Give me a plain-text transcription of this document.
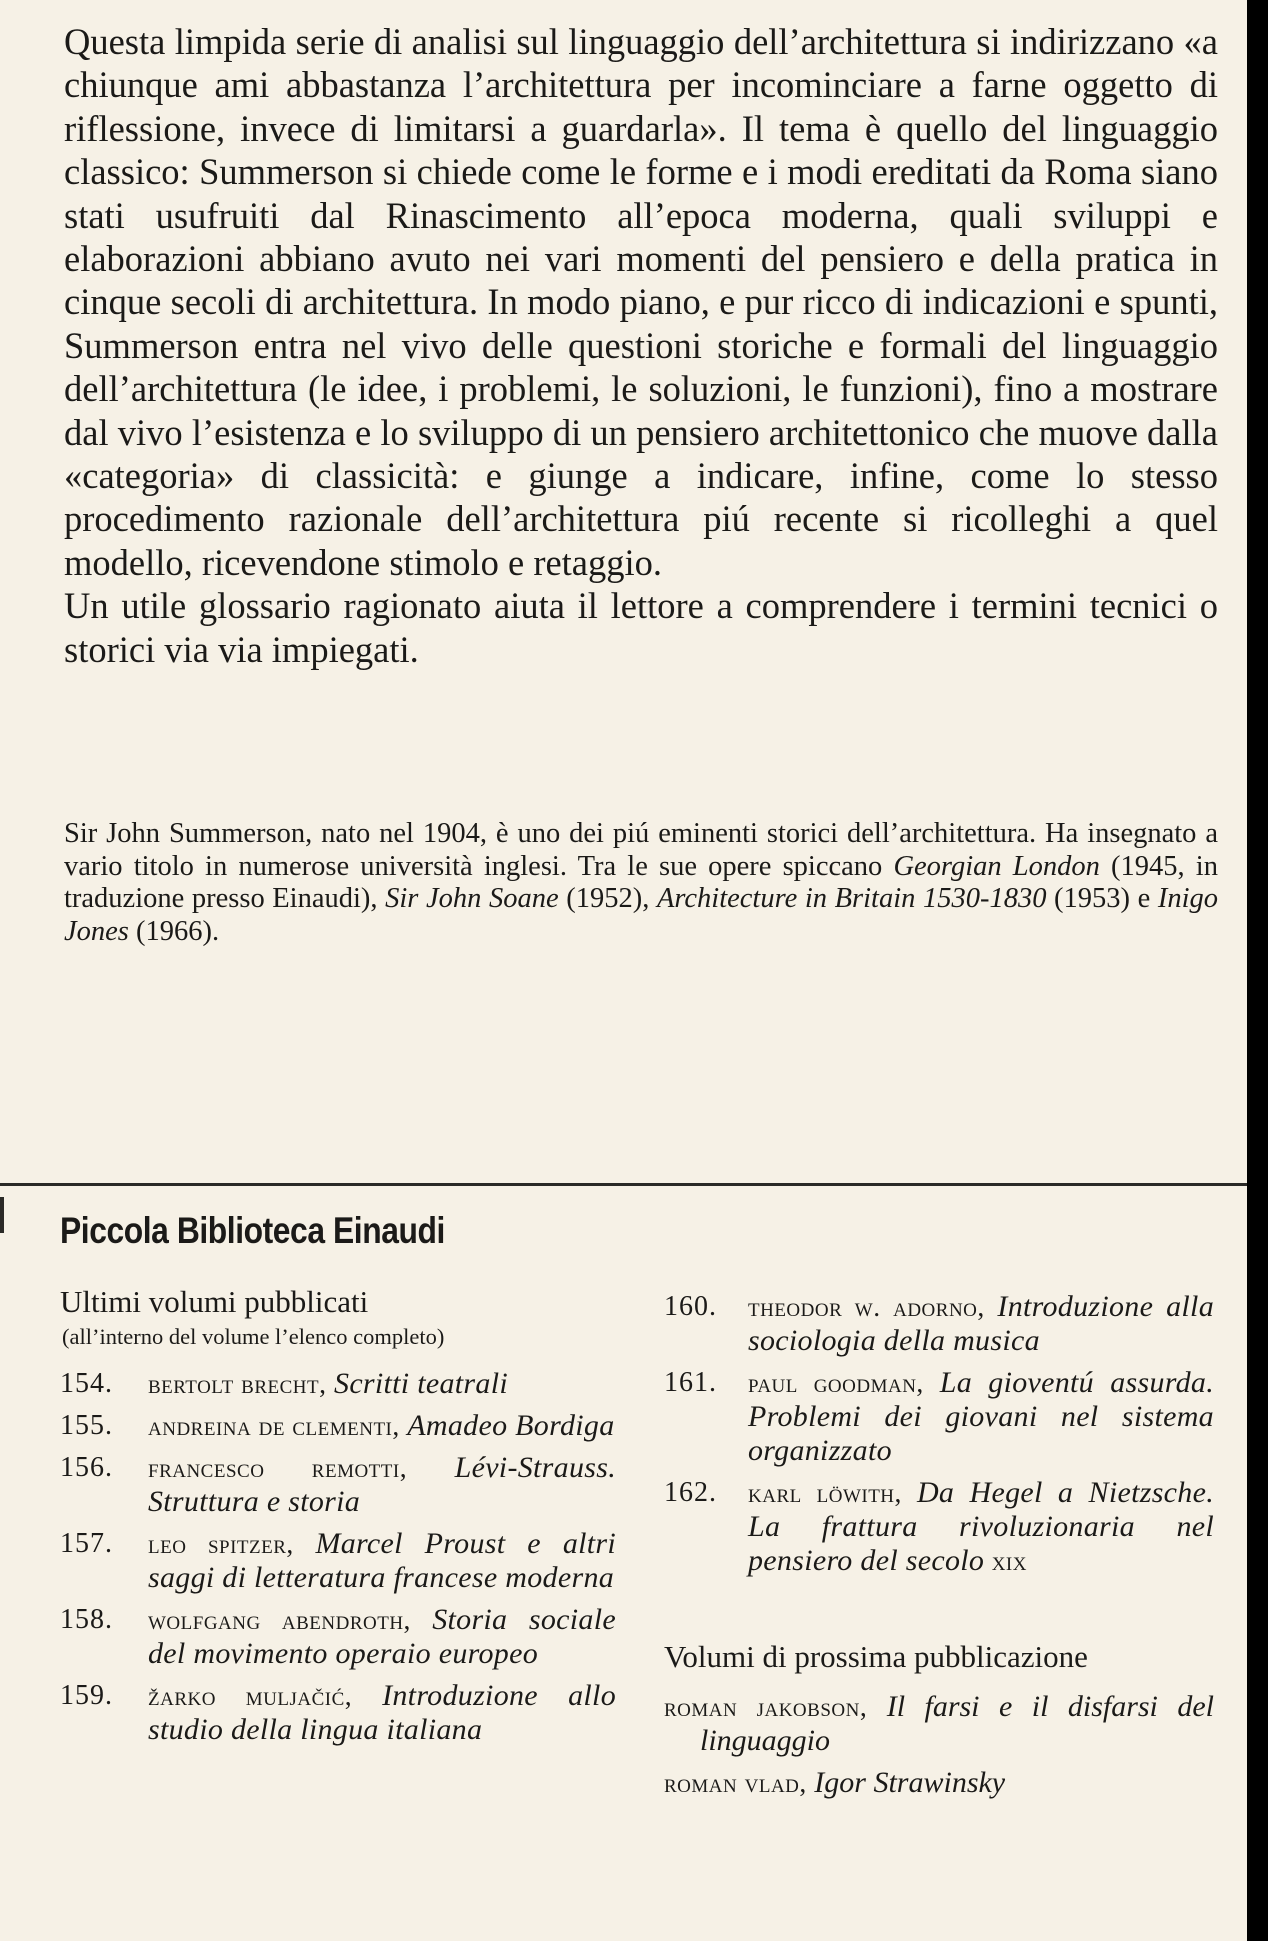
Questa limpida serie di analisi sul linguaggio dell’architettura si indirizzano «a chiunque ami abbastanza l’architettura per incominciare a farne oggetto di riflessione, invece di limitarsi a guardarla». Il tema è quello del linguaggio classico: Summerson si chiede come le forme e i modi ereditati da Roma siano stati usufruiti dal Rinascimento all’epoca moderna, quali sviluppi e elaborazioni abbiano avuto nei vari momenti del pensiero e della pratica in cinque secoli di architettura. In modo piano, e pur ricco di indicazioni e spunti, Summerson entra nel vivo delle questioni storiche e formali del linguaggio dell’architettura (le idee, i problemi, le soluzioni, le funzioni), fino a mostrare dal vivo l’esistenza e lo sviluppo di un pensiero architettonico che muove dalla «categoria» di classicità: e giunge a indicare, infine, come lo stesso procedimento razionale dell’architettura piú recente si ricolleghi a quel modello, ricevendone stimolo e retaggio.

Un utile glossario ragionato aiuta il lettore a comprendere i termini tecnici o storici via via impiegati.

Sir John Summerson, nato nel 1904, è uno dei piú eminenti storici dell’architettura. Ha insegnato a vario titolo in numerose università inglesi. Tra le sue opere spiccano Georgian London (1945, in traduzione presso Einaudi), Sir John Soane (1952), Architecture in Britain 1530-1830 (1953) e Inigo Jones (1966).
Piccola Biblioteca Einaudi
Ultimi volumi pubblicati
(all’interno del volume l’elenco completo)
154. bertolt brecht, Scritti teatrali
155. andreina de clementi, Amadeo Bordiga
156. francesco remotti, Lévi-Strauss. Struttura e storia
157. leo spitzer, Marcel Proust e altri saggi di letteratura francese moderna
158. wolfgang abendroth, Storia sociale del movimento operaio europeo
159. žarko muljačić, Introduzione allo studio della lingua italiana
160. theodor w. adorno, Introduzione alla sociologia della musica
161. paul goodman, La gioventú assurda. Problemi dei giovani nel sistema organizzato
162. karl löwith, Da Hegel a Nietzsche. La frattura rivoluzionaria nel pensiero del secolo xix
Volumi di prossima pubblicazione
roman jakobson, Il farsi e il disfarsi del linguaggio
roman vlad, Igor Strawinsky
